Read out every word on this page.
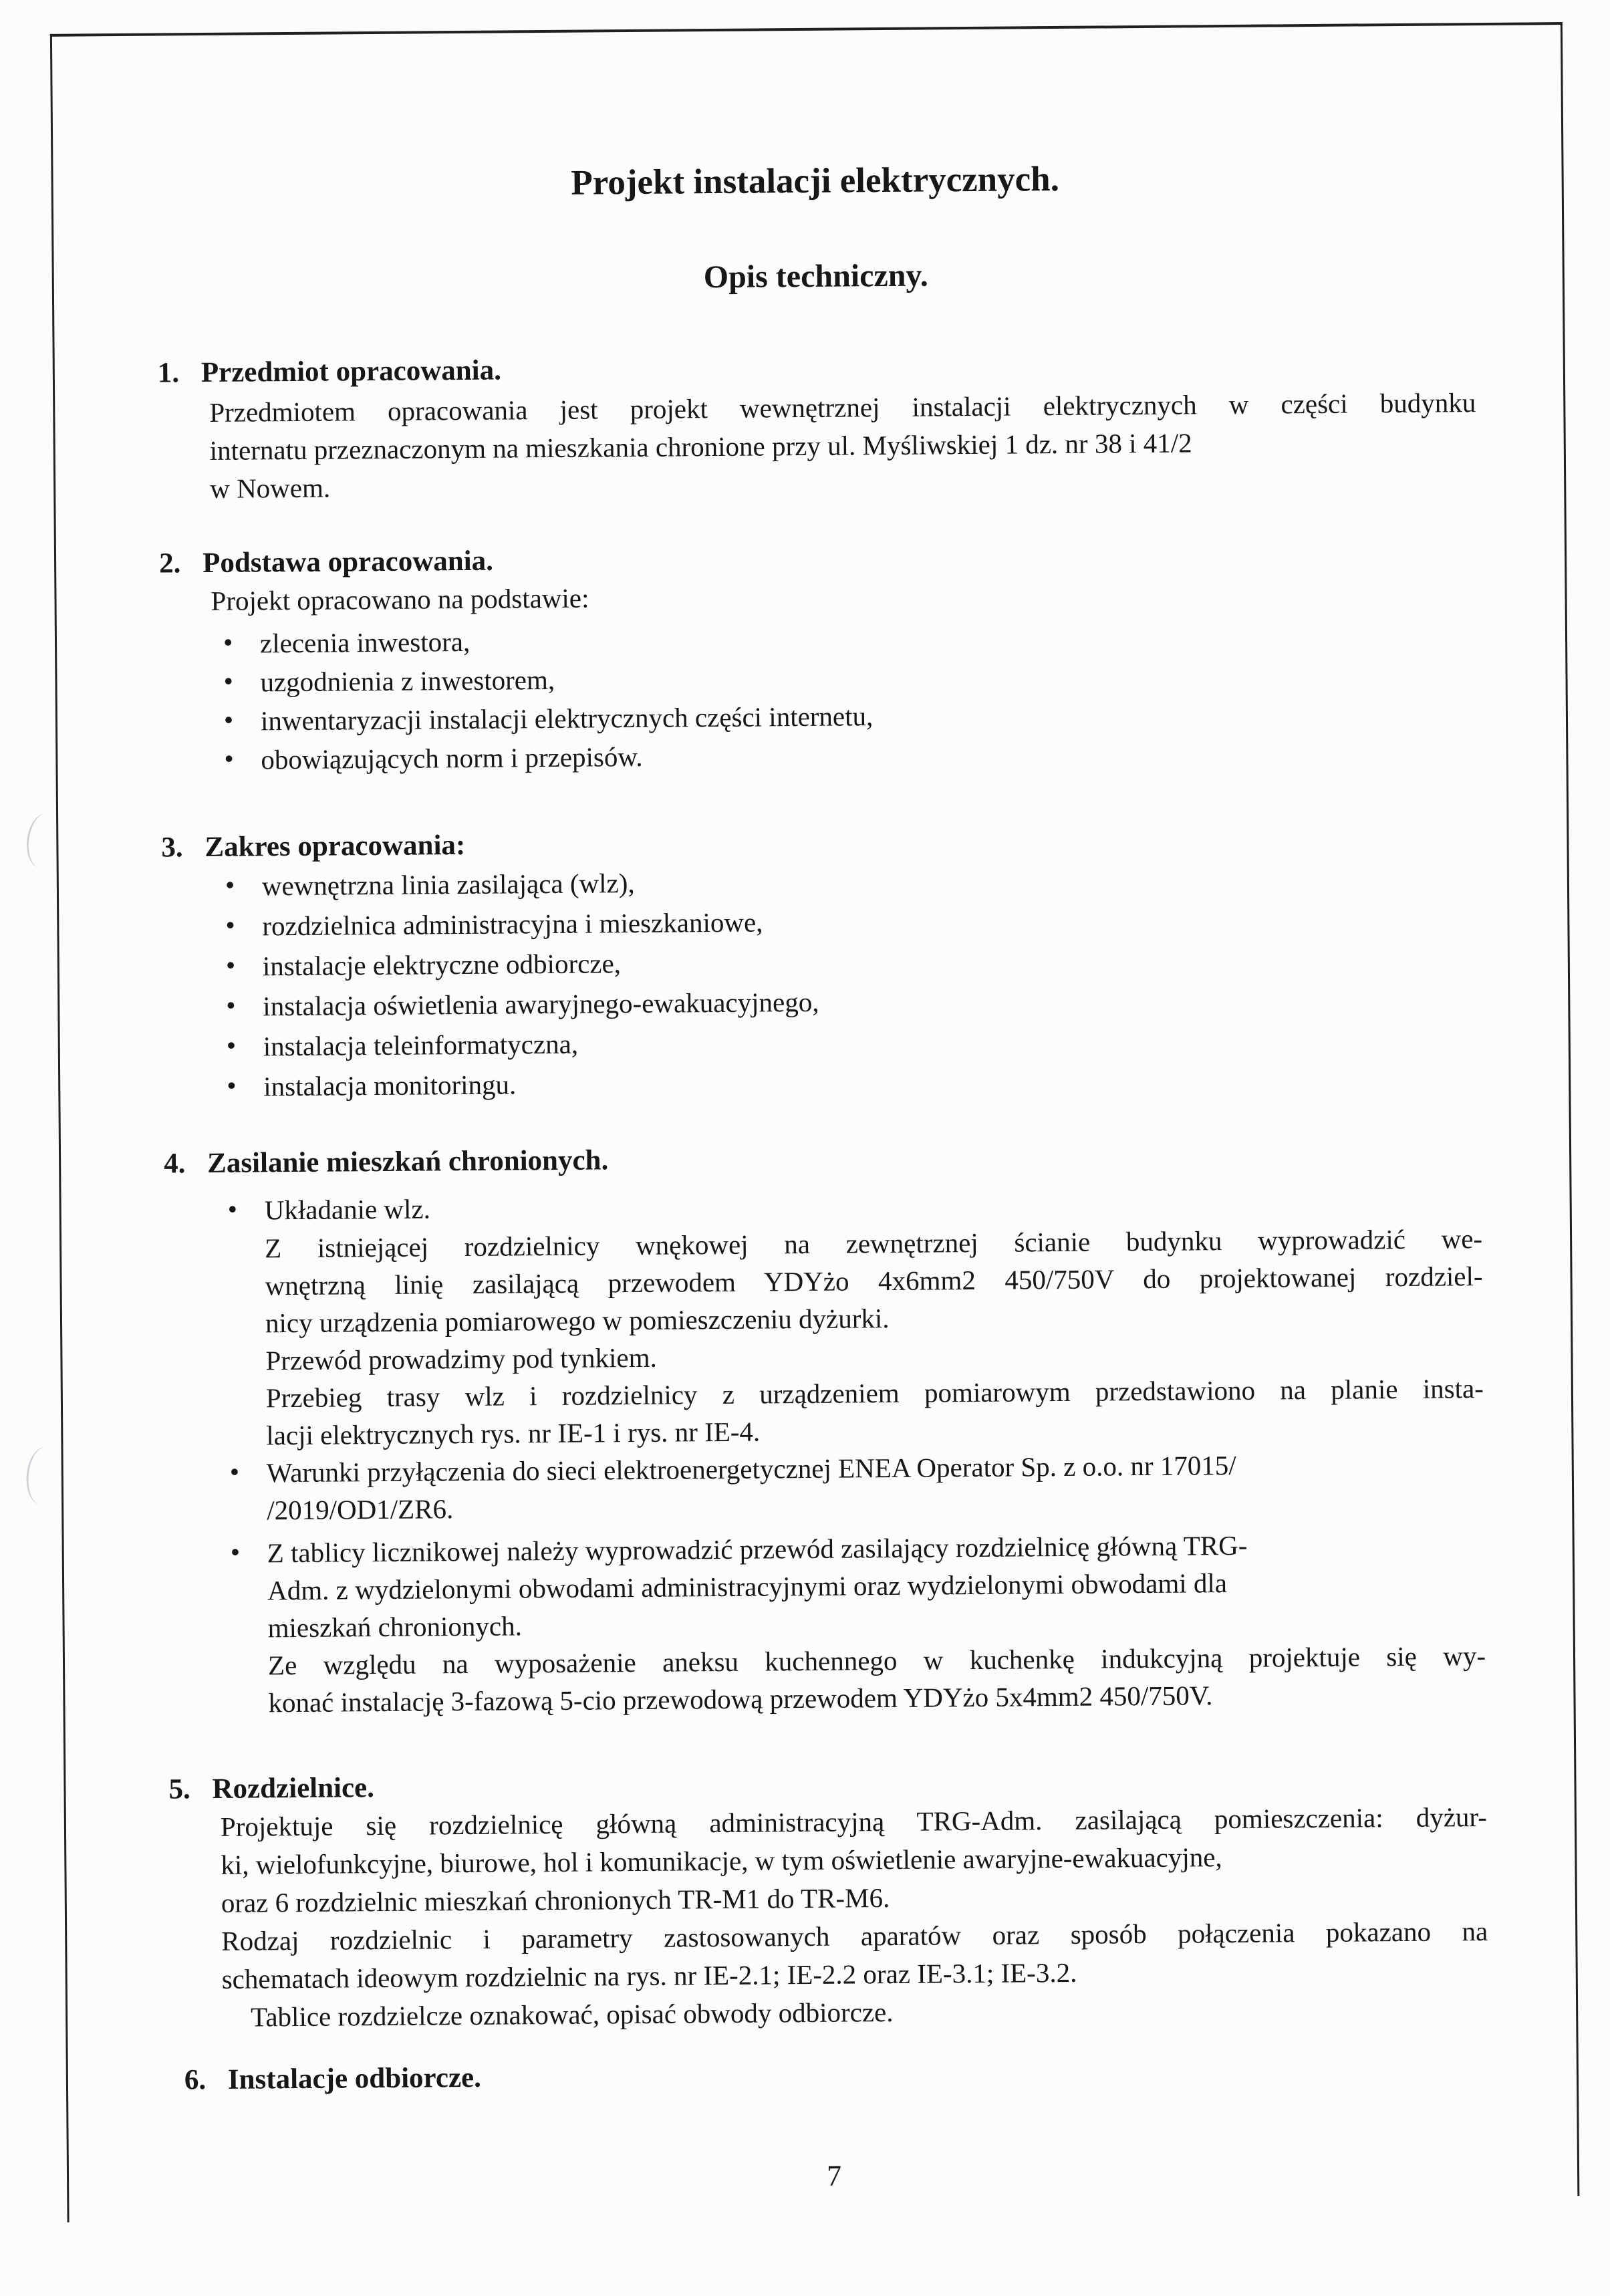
Projekt instalacji elektrycznych.
Opis techniczny.
1. Przedmiot opracowania.
Przedmiotem opracowania jest projekt wewnętrznej instalacji elektrycznych w części budynku
internatu przeznaczonym na mieszkania chronione przy ul. Myśliwskiej 1 dz. nr 38 i 41/2
w Nowem.
2. Podstawa opracowania.
Projekt opracowano na podstawie:
• zlecenia inwestora,
• uzgodnienia z inwestorem,
• inwentaryzacji instalacji elektrycznych części internetu,
• obowiązujących norm i przepisów.
3. Zakres opracowania:
• wewnętrzna linia zasilająca (wlz),
• rozdzielnica administracyjna i mieszkaniowe,
• instalacje elektryczne odbiorcze,
• instalacja oświetlenia awaryjnego-ewakuacyjnego,
• instalacja teleinformatyczna,
• instalacja monitoringu.
4. Zasilanie mieszkań chronionych.
• Układanie wlz.
Z istniejącej rozdzielnicy wnękowej na zewnętrznej ścianie budynku wyprowadzić we-
wnętrzną linię zasilającą przewodem YDYżo 4x6mm2 450/750V do projektowanej rozdziel-
nicy urządzenia pomiarowego w pomieszczeniu dyżurki.
Przewód prowadzimy pod tynkiem.
Przebieg trasy wlz i rozdzielnicy z urządzeniem pomiarowym przedstawiono na planie insta-
lacji elektrycznych rys. nr IE-1 i rys. nr IE-4.
• Warunki przyłączenia do sieci elektroenergetycznej ENEA Operator Sp. z o.o. nr 17015/
/2019/OD1/ZR6.
• Z tablicy licznikowej należy wyprowadzić przewód zasilający rozdzielnicę główną TRG-
Adm. z wydzielonymi obwodami administracyjnymi oraz wydzielonymi obwodami dla
mieszkań chronionych.
Ze względu na wyposażenie aneksu kuchennego w kuchenkę indukcyjną projektuje się wy-
konać instalację 3-fazową 5-cio przewodową przewodem YDYżo 5x4mm2 450/750V.
5. Rozdzielnice.
Projektuje się rozdzielnicę główną administracyjną TRG-Adm. zasilającą pomieszczenia: dyżur-
ki, wielofunkcyjne, biurowe, hol i komunikacje, w tym oświetlenie awaryjne-ewakuacyjne,
oraz 6 rozdzielnic mieszkań chronionych TR-M1 do TR-M6.
Rodzaj rozdzielnic i parametry zastosowanych aparatów oraz sposób połączenia pokazano na
schematach ideowym rozdzielnic na rys. nr IE-2.1; IE-2.2 oraz IE-3.1; IE-3.2.
Tablice rozdzielcze oznakować, opisać obwody odbiorcze.
6. Instalacje odbiorcze.
7
